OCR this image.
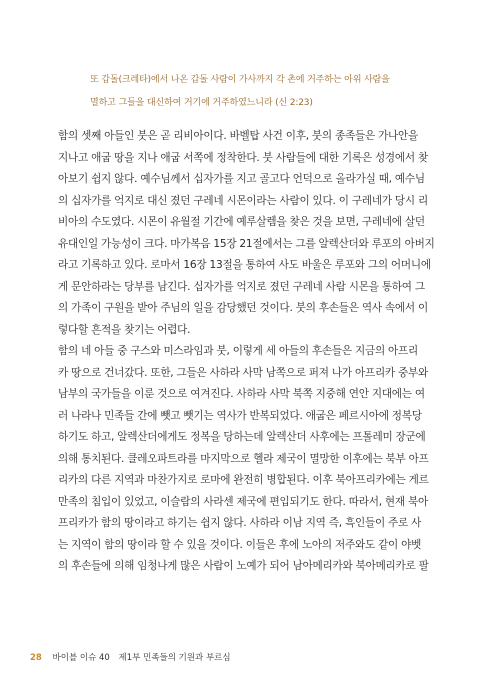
또 갑돌(크레타)에서 나온 갑돌 사람이 가사까지 각 촌에 거주하는 아위 사람을

멸하고 그들을 대신하여 거기에 거주하였느니라 (신 2:23)

함의 셋째 아들인 붓은 곧 리비아이다. 바벨탑 사건 이후, 붓의 종족들은 가나안을
지나고 애굽 땅을 지나 애굽 서쪽에 정착한다. 붓 사람들에 대한 기록은 성경에서 찾
아보기 쉽지 않다. 예수님께서 십자가를 지고 골고다 언덕으로 올라가실 때, 예수님
의 십자가를 억지로 대신 졌던 구레네 시몬이라는 사람이 있다. 이 구레네가 당시 리
비아의 수도였다. 시몬이 유월절 기간에 예루살렘을 찾은 것을 보면, 구레네에 살던
유대인일 가능성이 크다. 마가복음 15장 21절에서는 그를 알렉산더와 루포의 아버지
라고 기록하고 있다. 로마서 16장 13절을 통하여 사도 바울은 루포와 그의 어머니에
게 문안하라는 당부를 남긴다. 십자가를 억지로 졌던 구레네 사람 시몬을 통하여 그
의 가족이 구원을 받아 주님의 일을 감당했던 것이다. 붓의 후손들은 역사 속에서 이
렇다할 흔적을 찾기는 어렵다.
함의 네 아들 중 구스와 미스라임과 붓, 이렇게 세 아들의 후손들은 지금의 아프리
카 땅으로 건너갔다. 또한, 그들은 사하라 사막 남쪽으로 퍼져 나가 아프리카 중부와
남부의 국가들을 이룬 것으로 여겨진다. 사하라 사막 북쪽 지중해 연안 지대에는 여
러 나라나 민족들 간에 뺏고 뺏기는 역사가 반복되었다. 애굽은 페르시아에 정복당
하기도 하고, 알렉산더에게도 정복을 당하는데 알렉산더 사후에는 프톨레미 장군에
의해 통치된다. 클레오파트라를 마지막으로 헬라 제국이 멸망한 이후에는 북부 아프
리카의 다른 지역과 마찬가지로 로마에 완전히 병합된다. 이후 북아프리카에는 게르
만족의 침입이 있었고, 이슬람의 사라센 제국에 편입되기도 한다. 따라서, 현재 북아
프리카가 함의 땅이라고 하기는 쉽지 않다. 사하라 이남 지역 즉, 흑인들이 주로 사
는 지역이 함의 땅이라 할 수 있을 것이다. 이들은 후에 노아의 저주와도 같이 야벳
의 후손들에 의해 임청나게 많은 사람이 노예가 되어 남아메리카와 북아메리카로 팔
28 바이블 이슈 40 제1부 민족들의 기원과 부르심
